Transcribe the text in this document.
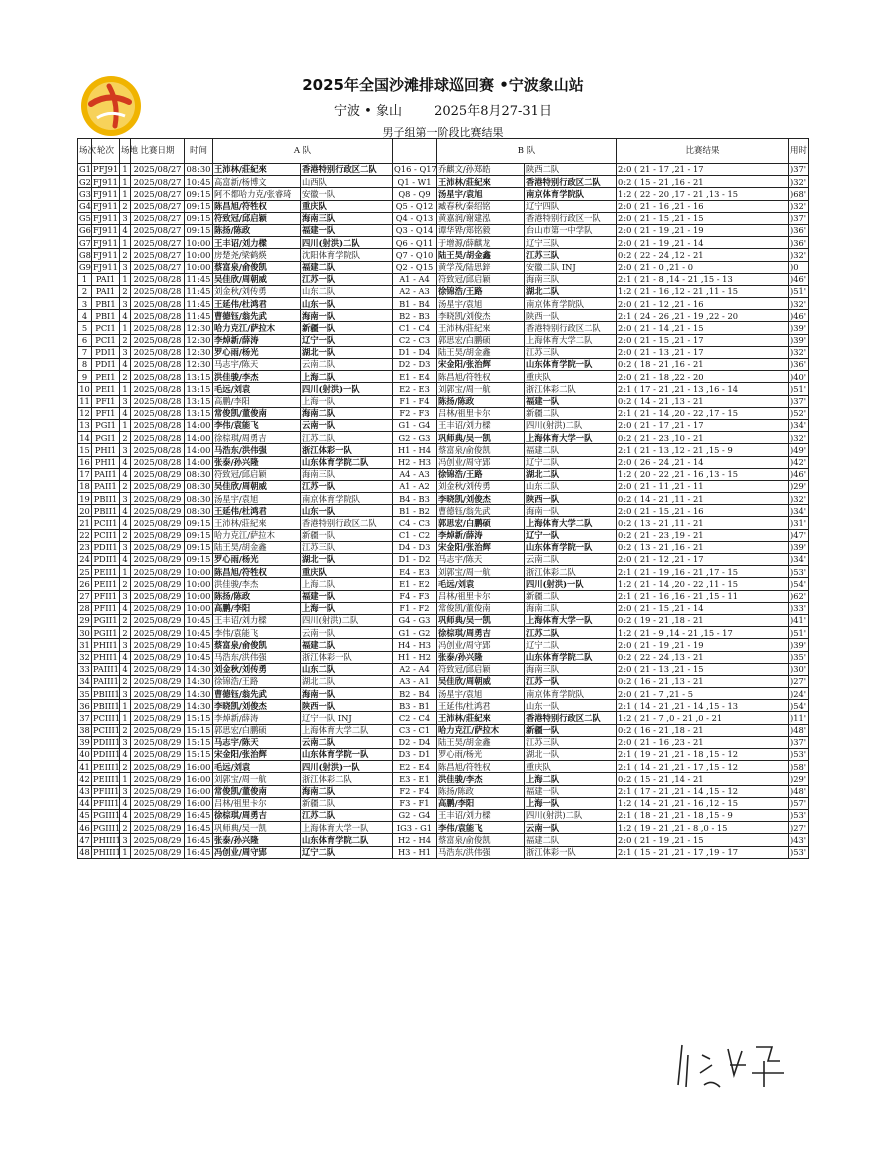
2025年全国沙滩排球巡回赛 •宁波象山站
宁波 • 象山 2025年8月27-31日
男子组第一阶段比赛结果
场次	轮次	场地	比赛日期	时间	A 队			B 队		比赛结果	用时
G1	PFJ91	1	2025/08/27	08:30	王沛林/莊紀來	香港特别行政区二队	Q16 - Q17	乔麒文/孙郑皓	陕西二队	2:0 ( 21 - 17 ,21 - 17	)37'
G2	FJ911	1	2025/08/27	10:45	高富新/杨博文	山西队	Q1 - W1	王沛林/莊紀來	香港特别行政区二队	0:2 ( 15 - 21 ,16 - 21	)32'
G3	FJ911	1	2025/08/27	09:15	阿不都哈力克/张睿琦	安徽一队	Q8 - Q9	汤星宇/袁旭	南京体育学院队	1:2 ( 22 - 20 ,17 - 21 ,13 - 15	)68'
G4	FJ911	2	2025/08/27	09:15	陈昌旭/符牲权	重庆队	Q5 - Q12	臧春秋/秦绍铭	辽宁四队	2:0 ( 21 - 16 ,21 - 16	)32'
G5	FJ911	3	2025/08/27	09:15	符致冠/邱启颖	海南三队	Q4 - Q13	黄嘉润/谢建泓	香港特别行政区一队	2:0 ( 21 - 15 ,21 - 15	)37'
G6	FJ911	4	2025/08/27	09:15	陈扬/陈政	福建一队	Q3 - Q14	谭华铧/郑铭毅	台山市第一中学队	2:0 ( 21 - 19 ,21 - 19	)36'
G7	FJ911	1	2025/08/27	10:00	王丰诏/刘力樑	四川(射洪)二队	Q6 - Q11	于增源/薛麒龙	辽宁三队	2:0 ( 21 - 19 ,21 - 14	)36'
G8	FJ911	2	2025/08/27	10:00	房楚尧/梁鹤煐	沈阳体育学院队	Q7 - Q10	陆王昊/胡金鑫	江苏三队	0:2 ( 22 - 24 ,12 - 21	)32'
G9	FJ911	3	2025/08/27	10:00	蔡富泉/俞俊凯	福建二队	Q2 - Q15	黄学茂/陆思鋅	安徽二队 INJ	2:0 ( 21 - 0 ,21 - 0	)0
1	PAI1	1	2025/08/28	11:45	吴佳欣/周朝威	江苏一队	A1 - A4	符致冠/邱启颖	海南三队	2:1 ( 21 - 8 ,14 - 21 ,15 - 13	)46'
2	PAI1	2	2025/08/28	11:45	刘金秋/刘传勇	山东二队	A2 - A3	徐锦浩/王路	湖北二队	1:2 ( 21 - 16 ,12 - 21 ,11 - 15	)51'
3	PBI1	3	2025/08/28	11:45	王延伟/杜鸿君	山东一队	B1 - B4	汤星宇/袁旭	南京体育学院队	2:0 ( 21 - 12 ,21 - 16	)32'
4	PBI1	4	2025/08/28	11:45	曹德钰/翁先武	海南一队	B2 - B3	李晓凯/刘俊杰	陕西一队	2:1 ( 24 - 26 ,21 - 19 ,22 - 20	)46'
5	PCI1	1	2025/08/28	12:30	哈力克江/萨拉木	新疆一队	C1 - C4	王沛林/莊紀來	香港特别行政区二队	2:0 ( 21 - 14 ,21 - 15	)39'
6	PCI1	2	2025/08/28	12:30	李焯新/薛涛	辽宁一队	C2 - C3	郭思宏/白鹏硕	上海体育大学二队	2:0 ( 21 - 15 ,21 - 17	)39'
7	PDI1	3	2025/08/28	12:30	罗心雨/杨光	湖北一队	D1 - D4	陆王昊/胡金鑫	江苏三队	2:0 ( 21 - 13 ,21 - 17	)32'
8	PDI1	4	2025/08/28	12:30	马志宇/陈天	云南二队	D2 - D3	宋金阳/张治辉	山东体育学院一队	0:2 ( 18 - 21 ,16 - 21	)36'
9	PEI1	2	2025/08/28	13:15	洪佳骏/李杰	上海二队	E1 - E4	陈昌旭/符牲权	重庆队	2:0 ( 21 - 18 ,22 - 20	)40'
10	PEI1	1	2025/08/28	13:15	毛远/刘袁	四川(射洪)一队	E2 - E3	刘郭宝/周一航	浙江体彩二队	2:1 ( 17 - 21 ,21 - 13 ,16 - 14	)51'
11	PFI1	3	2025/08/28	13:15	高鹏/李阳	上海一队	F1 - F4	陈扬/陈政	福建一队	0:2 ( 14 - 21 ,13 - 21	)37'
12	PFI1	4	2025/08/28	13:15	常俊凯/董俊南	海南二队	F2 - F3	吕林/祖里卡尔	新疆二队	2:1 ( 21 - 14 ,20 - 22 ,17 - 15	)52'
13	PGI1	1	2025/08/28	14:00	李伟/袁能飞	云南一队	G1 - G4	王丰诏/刘力樑	四川(射洪)二队	2:0 ( 21 - 17 ,21 - 17	)34'
14	PGI1	2	2025/08/28	14:00	徐棕琪/周勇吉	江苏二队	G2 - G3	巩师典/吴一凯	上海体育大学一队	0:2 ( 21 - 23 ,10 - 21	)32'
15	PHI1	3	2025/08/28	14:00	马浩东/洪伟强	浙江体彩一队	H1 - H4	蔡富泉/俞俊凯	福建二队	2:1 ( 21 - 13 ,12 - 21 ,15 - 9	)49'
16	PHI1	4	2025/08/28	14:00	张泰/孙兴隆	山东体育学院二队	H2 - H3	冯创业/周守郢	辽宁二队	2:0 ( 26 - 24 ,21 - 14	)42'
17	PAII1	4	2025/08/29	08:30	符致冠/邱启颖	海南三队	A4 - A3	徐锦浩/王路	湖北二队	1:2 ( 20 - 22 ,21 - 16 ,13 - 15	)46'
18	PAII1	2	2025/08/29	08:30	吴佳欣/周朝威	江苏一队	A1 - A2	刘金秋/刘传勇	山东二队	2:0 ( 21 - 11 ,21 - 11	)29'
19	PBII1	3	2025/08/29	08:30	汤星宇/袁旭	南京体育学院队	B4 - B3	李晓凯/刘俊杰	陕西一队	0:2 ( 14 - 21 ,11 - 21	)32'
20	PBII1	4	2025/08/29	08:30	王延伟/杜鸿君	山东一队	B1 - B2	曹德钰/翁先武	海南一队	2:0 ( 21 - 15 ,21 - 16	)34'
21	PCII1	4	2025/08/29	09:15	王沛林/莊紀來	香港特别行政区二队	C4 - C3	郭思宏/白鹏硕	上海体育大学二队	0:2 ( 13 - 21 ,11 - 21	)31'
22	PCII1	2	2025/08/29	09:15	哈力克江/萨拉木	新疆一队	C1 - C2	李焯新/薛涛	辽宁一队	0:2 ( 21 - 23 ,19 - 21	)47'
23	PDII1	3	2025/08/29	09:15	陆王昊/胡金鑫	江苏三队	D4 - D3	宋金阳/张治辉	山东体育学院一队	0:2 ( 13 - 21 ,16 - 21	)39'
24	PDII1	4	2025/08/29	09:15	罗心雨/杨光	湖北一队	D1 - D2	马志宇/陈天	云南二队	2:0 ( 21 - 12 ,21 - 17	)34'
25	PEII1	1	2025/08/29	10:00	陈昌旭/符牲权	重庆队	E4 - E3	刘郭宝/周一航	浙江体彩二队	2:1 ( 21 - 19 ,16 - 21 ,17 - 15	)53'
26	PEII1	2	2025/08/29	10:00	洪佳骏/李杰	上海二队	E1 - E2	毛远/刘袁	四川(射洪)一队	1:2 ( 21 - 14 ,20 - 22 ,11 - 15	)54'
27	PFII1	3	2025/08/29	10:00	陈扬/陈政	福建一队	F4 - F3	吕林/祖里卡尔	新疆二队	2:1 ( 21 - 16 ,16 - 21 ,15 - 11	)62'
28	PFII1	4	2025/08/29	10:00	高鹏/李阳	上海一队	F1 - F2	常俊凯/董俊南	海南二队	2:0 ( 21 - 15 ,21 - 14	)33'
29	PGII1	2	2025/08/29	10:45	王丰诏/刘力樑	四川(射洪)二队	G4 - G3	巩师典/吴一凯	上海体育大学一队	0:2 ( 19 - 21 ,18 - 21	)41'
30	PGII1	2	2025/08/29	10:45	李伟/袁能飞	云南一队	G1 - G2	徐棕琪/周勇吉	江苏二队	1:2 ( 21 - 9 ,14 - 21 ,15 - 17	)51'
31	PHII1	3	2025/08/29	10:45	蔡富泉/俞俊凯	福建二队	H4 - H3	冯创业/周守郢	辽宁二队	2:0 ( 21 - 19 ,21 - 19	)39'
32	PHII1	4	2025/08/29	10:45	马浩东/洪伟强	浙江体彩一队	H1 - H2	张泰/孙兴隆	山东体育学院二队	0:2 ( 22 - 24 ,13 - 21	)35'
33	PAIII1	4	2025/08/29	14:30	刘金秋/刘传勇	山东二队	A2 - A4	符致冠/邱启颖	海南三队	2:0 ( 21 - 13 ,21 - 15	)30'
34	PAIII1	2	2025/08/29	14:30	徐锦浩/王路	湖北二队	A3 - A1	吴佳欣/周朝威	江苏一队	0:2 ( 16 - 21 ,13 - 21	)27'
35	PBIII1	3	2025/08/29	14:30	曹德钰/翁先武	海南一队	B2 - B4	汤星宇/袁旭	南京体育学院队	2:0 ( 21 - 7 ,21 - 5	)24'
36	PBIII1	1	2025/08/29	14:30	李晓凯/刘俊杰	陕西一队	B3 - B1	王延伟/杜鸿君	山东一队	2:1 ( 14 - 21 ,21 - 14 ,15 - 13	)54'
37	PCIII1	1	2025/08/29	15:15	李焯新/薛涛	辽宁一队 INJ	C2 - C4	王沛林/莊紀來	香港特别行政区二队	1:2 ( 21 - 7 ,0 - 21 ,0 - 21	)11'
38	PCIII1	2	2025/08/29	15:15	郭思宏/白鹏硕	上海体育大学二队	C3 - C1	哈力克江/萨拉木	新疆一队	0:2 ( 16 - 21 ,18 - 21	)48'
39	PDIII1	3	2025/08/29	15:15	马志宇/陈天	云南二队	D2 - D4	陆王昊/胡金鑫	江苏三队	2:0 ( 21 - 16 ,23 - 21	)37'
40	PDIII1	4	2025/08/29	15:15	宋金阳/张治辉	山东体育学院一队	D3 - D1	罗心雨/杨光	湖北一队	2:1 ( 19 - 21 ,21 - 18 ,15 - 12	)53'
41	PEIII1	2	2025/08/29	16:00	毛远/刘袁	四川(射洪)一队	E2 - E4	陈昌旭/符牲权	重庆队	2:1 ( 14 - 21 ,21 - 17 ,15 - 12	)58'
42	PEIII1	1	2025/08/29	16:00	刘郭宝/周一航	浙江体彩二队	E3 - E1	洪佳骏/李杰	上海二队	0:2 ( 15 - 21 ,14 - 21	)29'
43	PFIII1	3	2025/08/29	16:00	常俊凯/董俊南	海南二队	F2 - F4	陈扬/陈政	福建一队	2:1 ( 17 - 21 ,21 - 14 ,15 - 12	)48'
44	PFIII1	4	2025/08/29	16:00	吕林/祖里卡尔	新疆二队	F3 - F1	高鹏/李阳	上海一队	1:2 ( 14 - 21 ,21 - 16 ,12 - 15	)57'
45	PGIII1	4	2025/08/29	16:45	徐棕琪/周勇吉	江苏二队	G2 - G4	王丰诏/刘力樑	四川(射洪)二队	2:1 ( 18 - 21 ,21 - 18 ,15 - 9	)53'
46	PGIII1	2	2025/08/29	16:45	巩师典/吴一凯	上海体育大学一队	IG3 - G1	李伟/袁能飞	云南一队	1:2 ( 19 - 21 ,21 - 8 ,0 - 15	)27'
47	PHIII1	3	2025/08/29	16:45	张泰/孙兴隆	山东体育学院二队	H2 - H4	蔡富泉/俞俊凯	福建二队	2:0 ( 21 - 19 ,21 - 15	)43'
48	PHIII1	1	2025/08/29	16:45	冯创业/周守郢	辽宁二队	H3 - H1	马浩东/洪伟强	浙江体彩一队	2:1 ( 15 - 21 ,21 - 17 ,19 - 17	)53'
